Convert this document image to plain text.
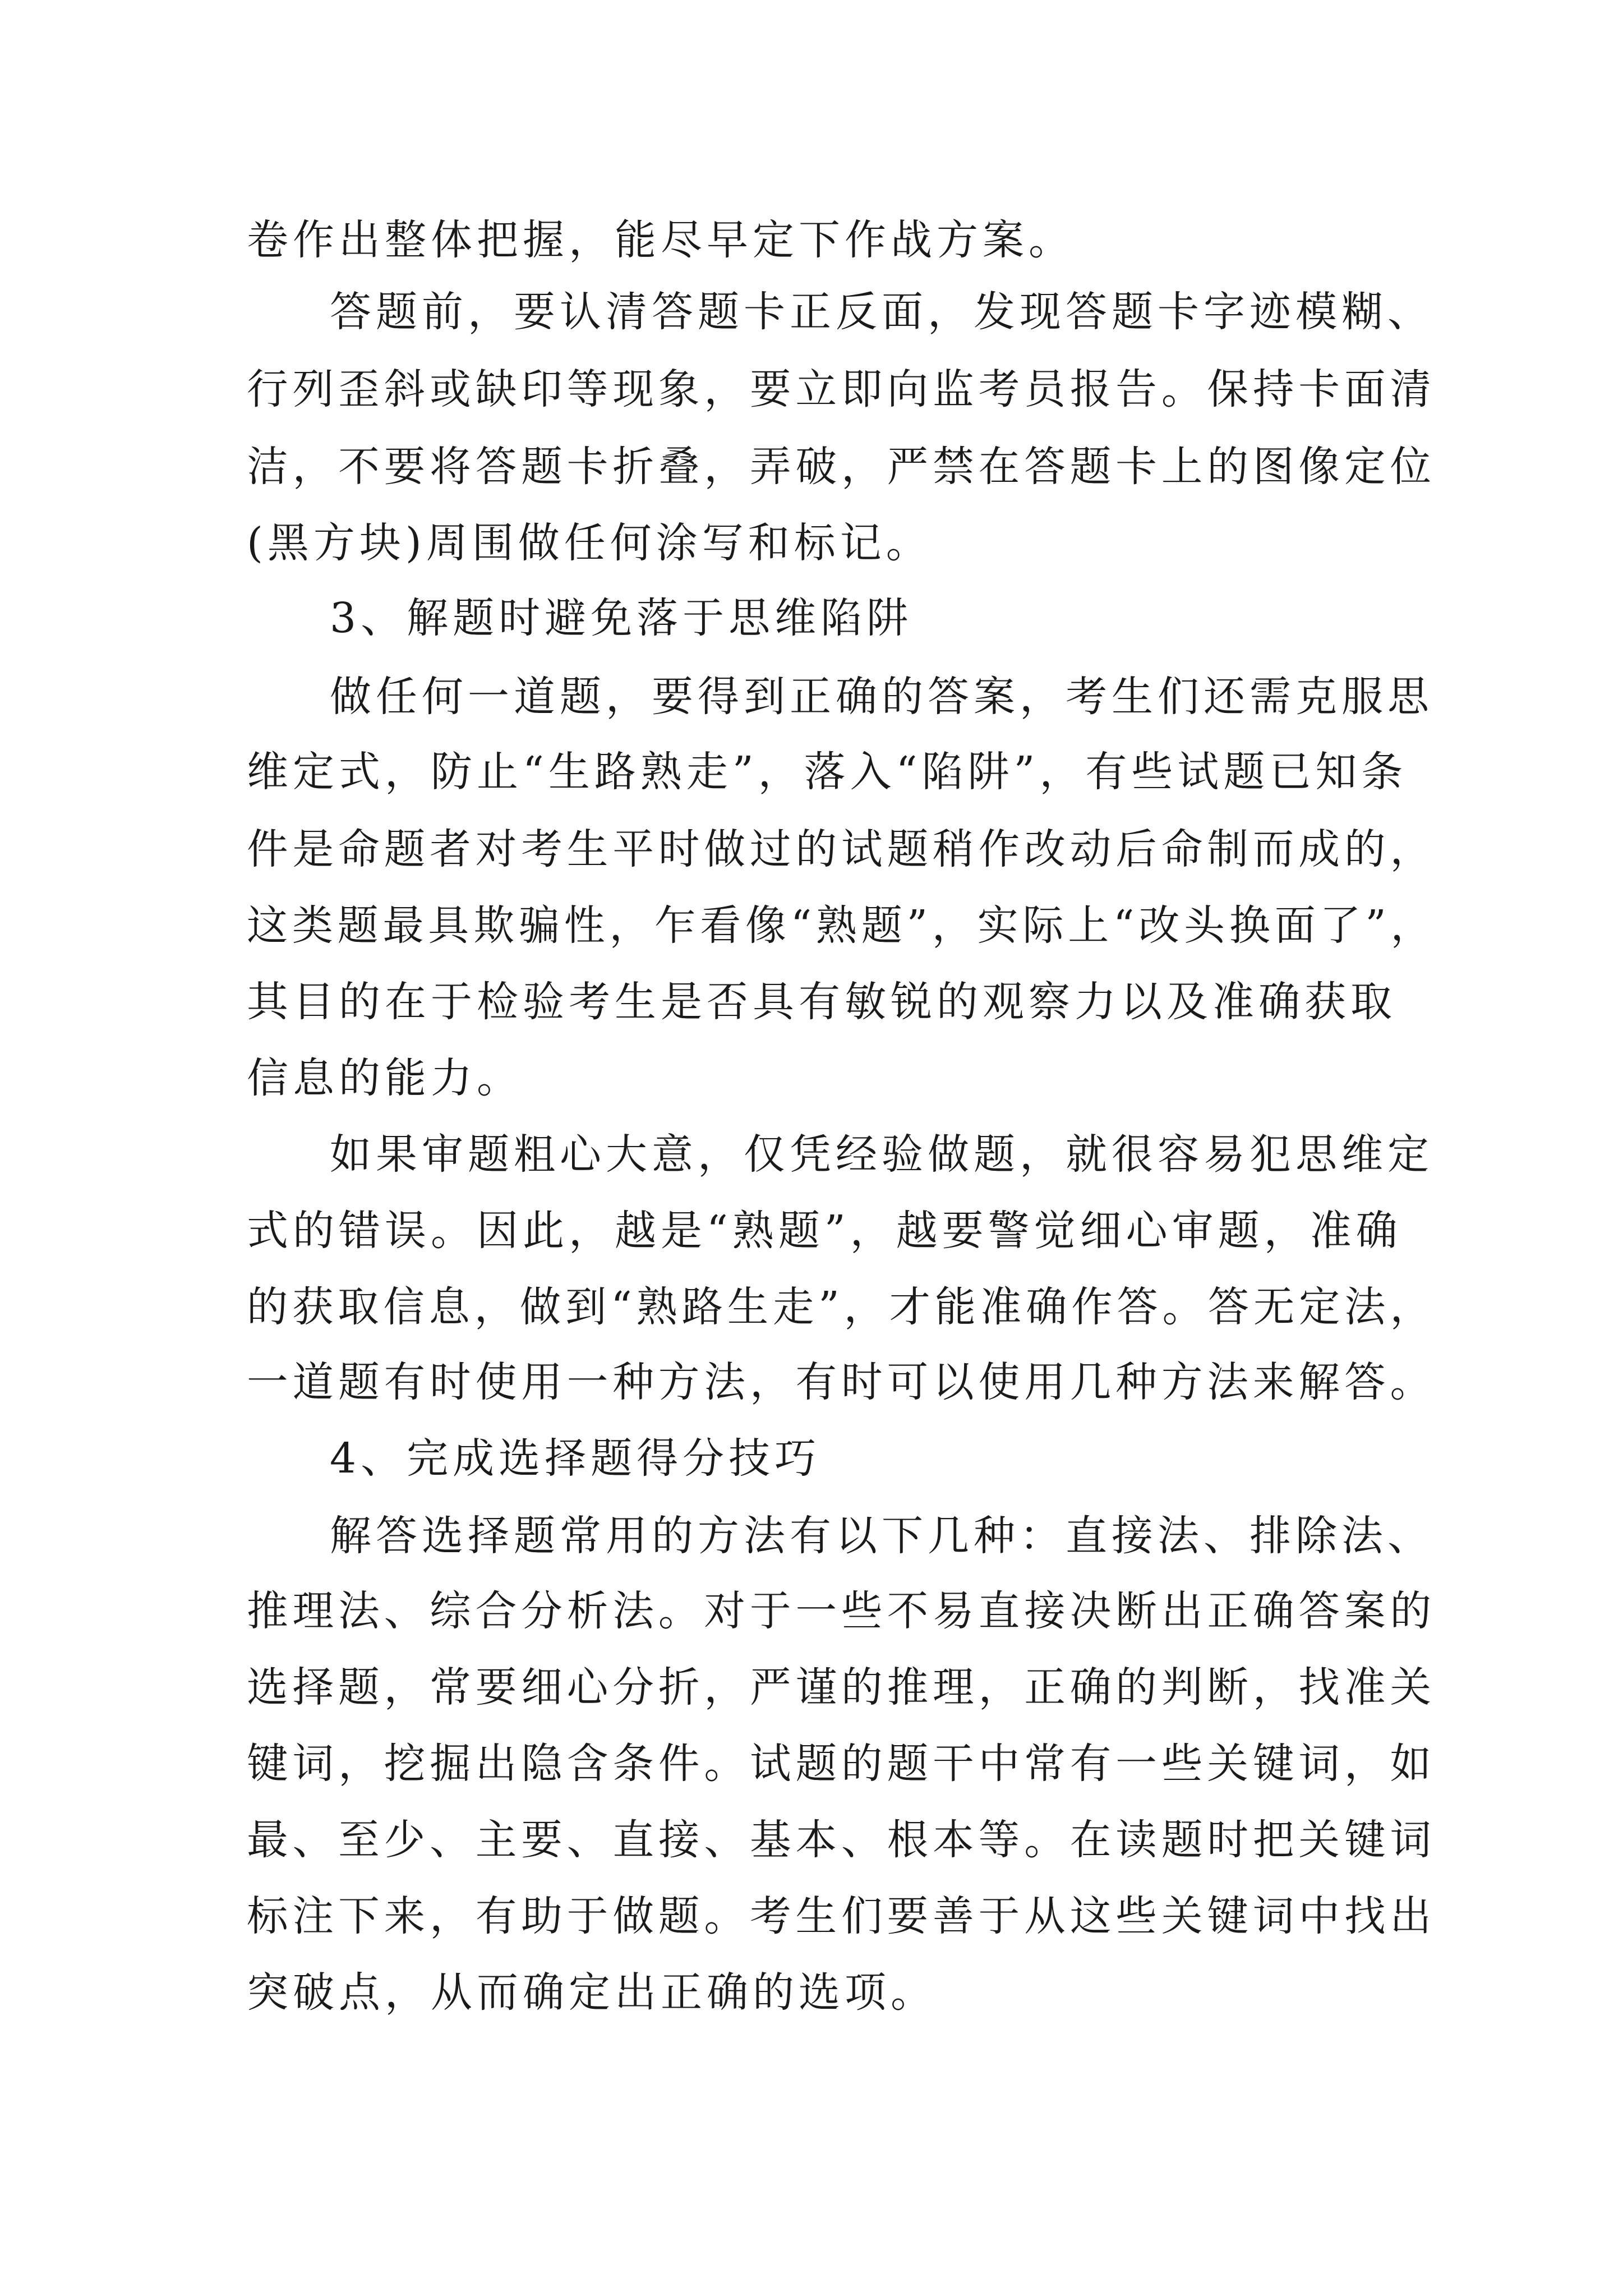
卷作出整体把握，能尽早定下作战方案。
答题前，要认清答题卡正反面，发现答题卡字迹模糊、
行列歪斜或缺印等现象，要立即向监考员报告。保持卡面清
洁，不要将答题卡折叠，弄破，严禁在答题卡上的图像定位
(黑方块)周围做任何涂写和标记。
3、解题时避免落于思维陷阱
做任何一道题，要得到正确的答案，考生们还需克服思
维定式，防止“生路熟走”，落入“陷阱”，有些试题已知条
件是命题者对考生平时做过的试题稍作改动后命制而成的，
这类题最具欺骗性，乍看像“熟题”，实际上“改头换面了”，
其目的在于检验考生是否具有敏锐的观察力以及准确获取
信息的能力。
如果审题粗心大意，仅凭经验做题，就很容易犯思维定
式的错误。因此，越是“熟题”，越要警觉细心审题，准确
的获取信息，做到“熟路生走”，才能准确作答。答无定法，
一道题有时使用一种方法，有时可以使用几种方法来解答。
4、完成选择题得分技巧
解答选择题常用的方法有以下几种：直接法、排除法、
推理法、综合分析法。对于一些不易直接决断出正确答案的
选择题，常要细心分折，严谨的推理，正确的判断，找准关
键词，挖掘出隐含条件。试题的题干中常有一些关键词，如
最、至少、主要、直接、基本、根本等。在读题时把关键词
标注下来，有助于做题。考生们要善于从这些关键词中找出
突破点，从而确定出正确的选项。
